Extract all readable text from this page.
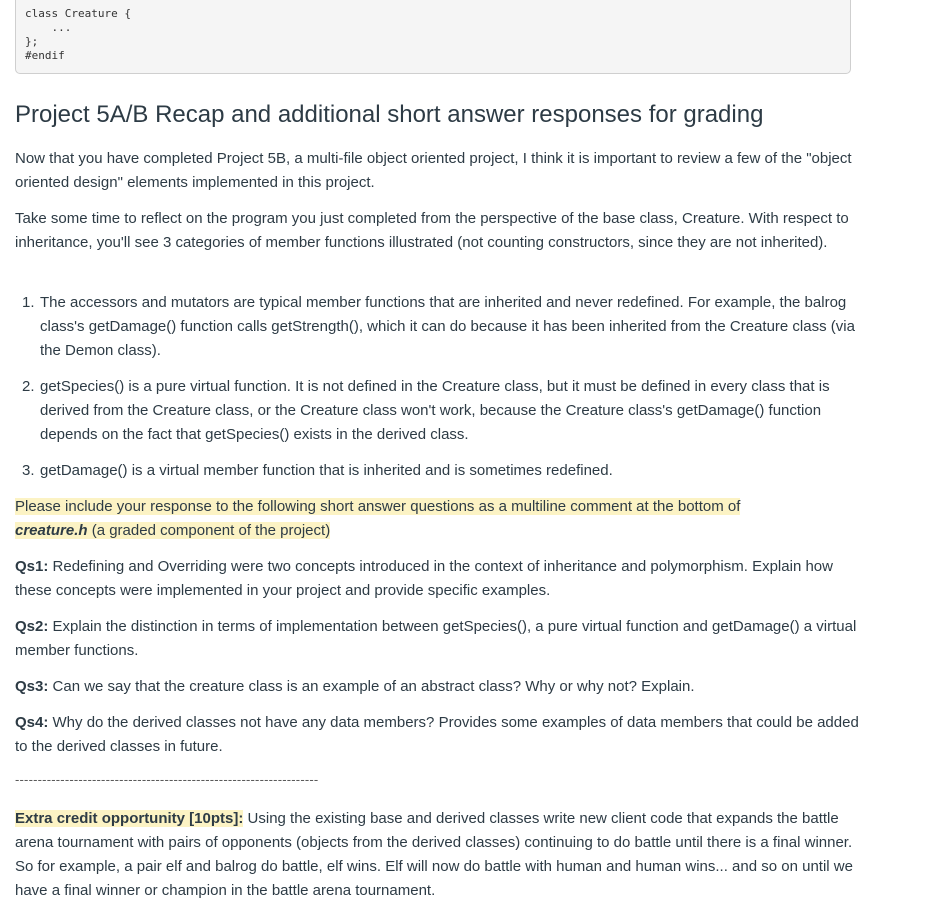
class Creature {
...
};
#endif
Project 5A/B Recap and additional short answer responses for grading

Now that you have completed Project 5B, a multi-file object oriented project, I think it is important to review a few of the "object oriented design" elements implemented in this project.

Take some time to reflect on the program you just completed from the perspective of the base class, Creature. With respect to inheritance, you'll see 3 categories of member functions illustrated (not counting constructors, since they are not inherited).

1. The accessors and mutators are typical member functions that are inherited and never redefined. For example, the balrog class's getDamage() function calls getStrength(), which it can do because it has been inherited from the Creature class (via the Demon class).
2. getSpecies() is a pure virtual function. It is not defined in the Creature class, but it must be defined in every class that is derived from the Creature class, or the Creature class won't work, because the Creature class's getDamage() function depends on the fact that getSpecies() exists in the derived class.
3. getDamage() is a virtual member function that is inherited and is sometimes redefined.

Please include your response to the following short answer questions as a multiline comment at the bottom of creature.h (a graded component of the project)

Qs1: Redefining and Overriding were two concepts introduced in the context of inheritance and polymorphism. Explain how these concepts were implemented in your project and provide specific examples.

Qs2: Explain the distinction in terms of implementation between getSpecies(), a pure virtual function and getDamage() a virtual member functions.

Qs3: Can we say that the creature class is an example of an abstract class? Why or why not? Explain.

Qs4: Why do the derived classes not have any data members? Provides some examples of data members that could be added to the derived classes in future.

-------------------------------------------------------------------

Extra credit opportunity [10pts]: Using the existing base and derived classes write new client code that expands the battle arena tournament with pairs of opponents (objects from the derived classes) continuing to do battle until there is a final winner. So for example, a pair elf and balrog do battle, elf wins. Elf will now do battle with human and human wins... and so on until we have a final winner or champion in the battle arena tournament.
